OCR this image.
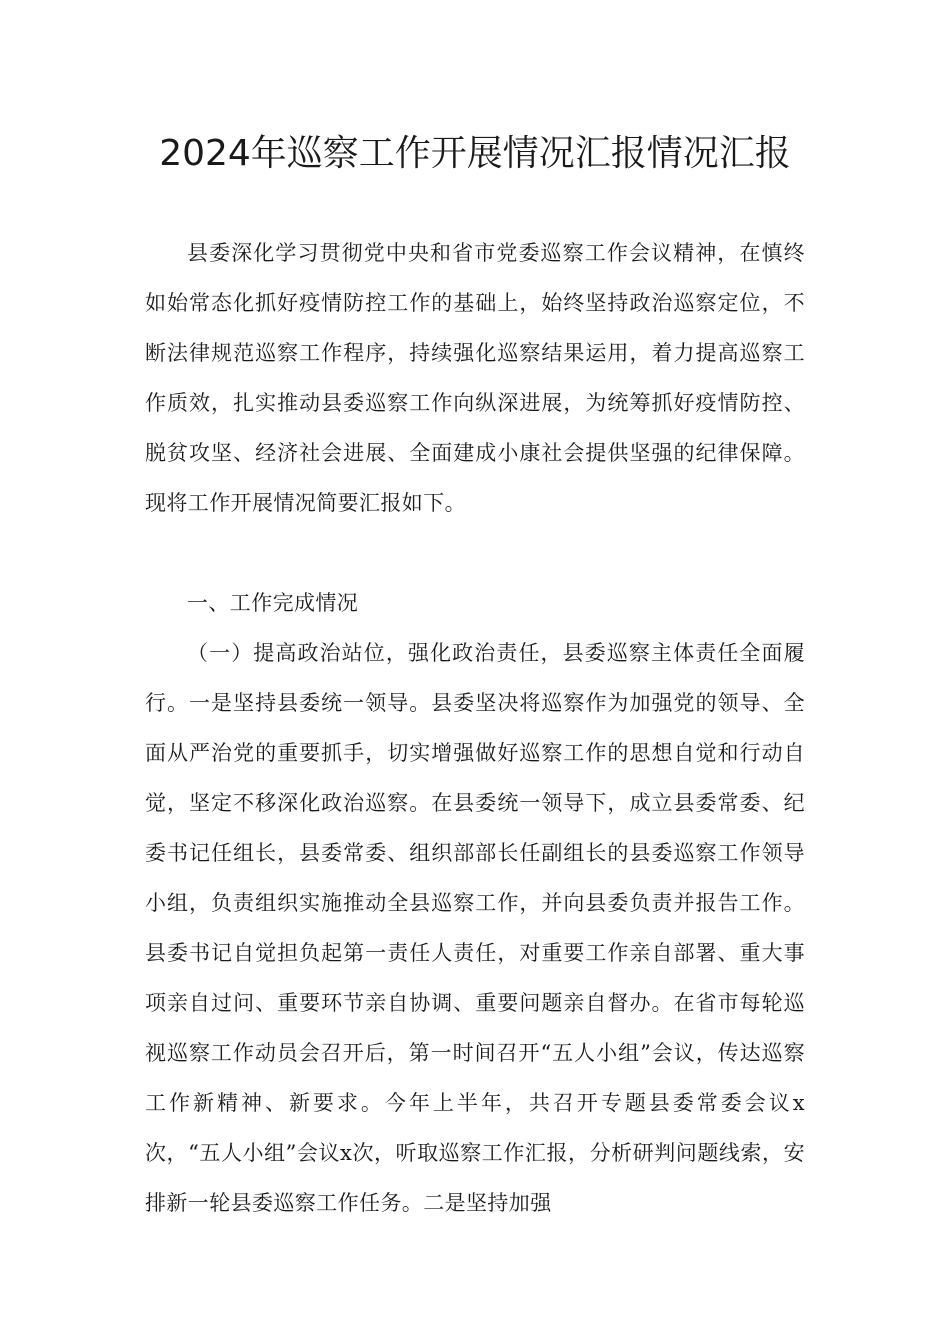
2024年巡察工作开展情况汇报情况汇报

县委深化学习贯彻党中央和省市党委巡察工作会议精神，在慎终如始常态化抓好疫情防控工作的基础上，始终坚持政治巡察定位，不断法律规范巡察工作程序，持续强化巡察结果运用，着力提高巡察工作质效，扎实推动县委巡察工作向纵深进展，为统筹抓好疫情防控、脱贫攻坚、经济社会进展、全面建成小康社会提供坚强的纪律保障。现将工作开展情况简要汇报如下。

一、工作完成情况

（一）提高政治站位，强化政治责任，县委巡察主体责任全面履行。一是坚持县委统一领导。县委坚决将巡察作为加强党的领导、全面从严治党的重要抓手，切实增强做好巡察工作的思想自觉和行动自觉，坚定不移深化政治巡察。在县委统一领导下，成立县委常委、纪委书记任组长，县委常委、组织部部长任副组长的县委巡察工作领导小组，负责组织实施推动全县巡察工作，并向县委负责并报告工作。县委书记自觉担负起第一责任人责任，对重要工作亲自部署、重大事项亲自过问、重要环节亲自协调、重要问题亲自督办。在省市每轮巡视巡察工作动员会召开后，第一时间召开“五人小组”会议，传达巡察工作新精神、新要求。今年上半年，共召开专题县委常委会议x次，“五人小组”会议x次，听取巡察工作汇报，分析研判问题线索，安排新一轮县委巡察工作任务。二是坚持加强
